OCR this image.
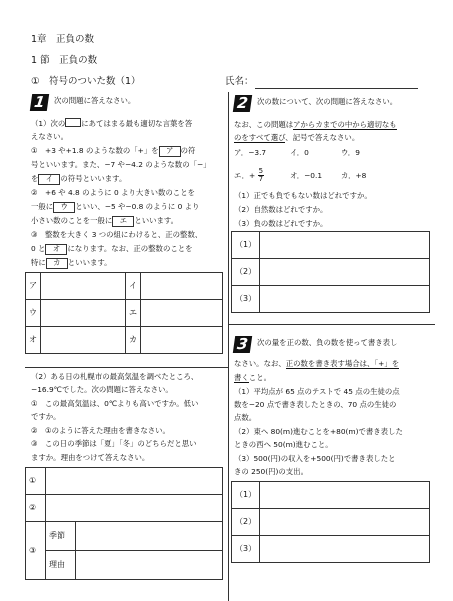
1章　正負の数
1 節　正負の数
①　符号のついた数（1）	氏名：
1 次の問題に答えなさい。
（1）次の にあてはまる最も適切な言葉を答
えなさい。
①　+3 や+1.8 のような数の「+」を ア の符
号といいます。また、−7 や−4.2 のような数の「−」
を イ の符号といいます。
②　+6 や 4.8 のように 0 より大きい数のことを
一般に ウ といい、−5 や−0.8 のように 0 より
小さい数のことを一般に エ といいます。
③　整数を大きく 3 つの組にわけると、正の整数、
0 と オ になります。なお、正の整数のことを
特に カ といいます。
ア		イ	
ウ		エ	
オ		カ	
（2）ある日の札幌市の最高気温を調べたところ、
−16.9℃でした。次の問題に答えなさい。
①　この最高気温は、0℃よりも高いですか。低い
ですか。
②　①のように答えた理由を書きなさい。
③　この日の季節は「夏」「冬」のどちらだと思い
ますか。理由をつけて答えなさい。
①		
②		
③	季節	
	理由	
2 次の数について、次の問題に答えなさい。
なお、この問題はアからカまでの中から適切なも
のをすべて選び、記号で答えなさい。
ア．−3.7	イ．0	ウ．9
エ．+ $\frac{5}{7}$	オ．−0.1	カ．+8
（1）正でも負でもない数はどれですか。
（2）自然数はどれですか。
（3）負の数はどれですか。
（1）	
（2）	
（3）	
3 次の量を正の数、負の数を使って書き表し
なさい。なお、正の数を書き表す場合は、「+」を
書くこと。
（1）平均点が 65 点のテストで 45 点の生徒の点
数を−20 点で書き表したときの、70 点の生徒の
点数。
（2）東へ 80(m)進むことを+80(m)で書き表した
ときの西へ 50(m)進むこと。
（3）500(円)の収入を+500(円)で書き表したと
きの 250(円)の支出。
（1）	
（2）	
（3）	
